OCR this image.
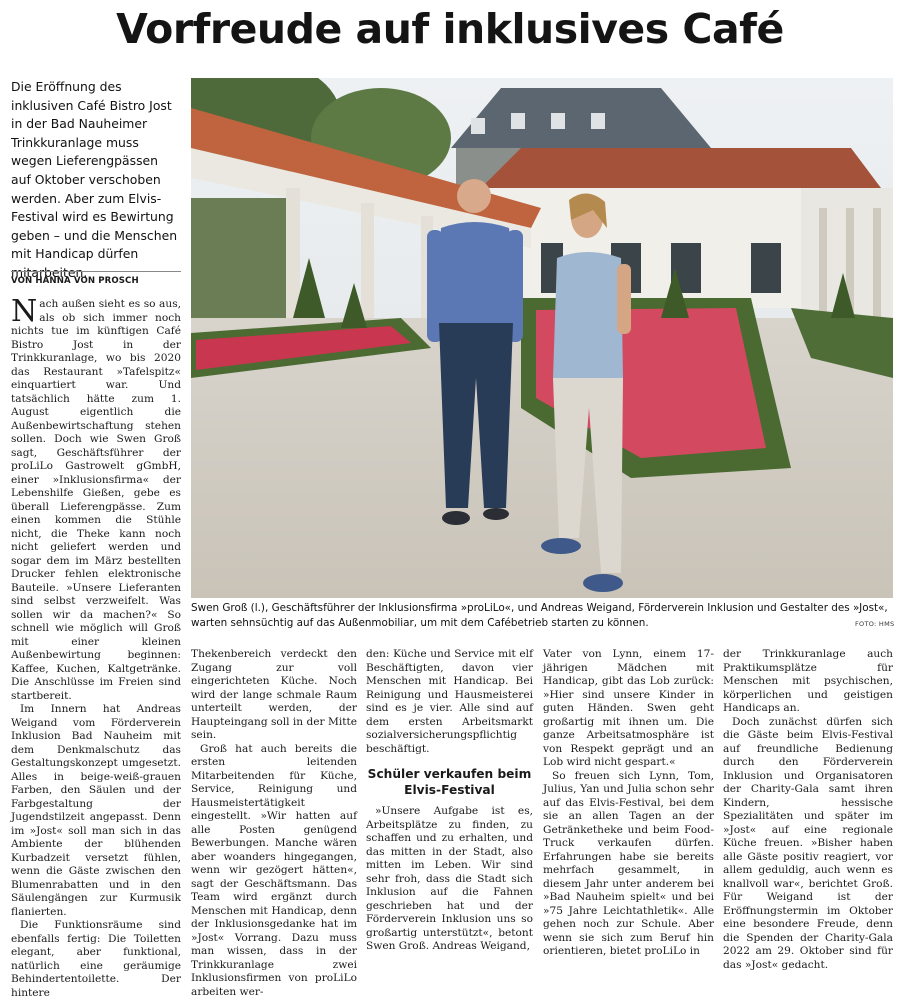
Vorfreude auf inklusives Café
Die Eröffnung des inklusiven Café Bistro Jost in der Bad Nauheimer Trinkkuranlage muss wegen Lieferengpässen auf Oktober verschoben werden. Aber zum Elvis-Festival wird es Bewirtung geben – und die Menschen mit Handicap dürfen mitarbeiten.
VON HANNA VON PROSCH

Nach außen sieht es so aus, als ob sich immer noch nichts tue im künftigen Café Bistro Jost in der Trinkkuranlage, wo bis 2020 das Restaurant »Tafelspitz« einquartiert war. Und tatsächlich hätte zum 1. August eigentlich die Außenbewirtschaftung stehen sollen. Doch wie Swen Groß sagt, Geschäftsführer der proLiLo Gastrowelt gGmbH, einer »Inklusionsfirma« der Lebenshilfe Gießen, gebe es überall Lieferengpässe. Zum einen kommen die Stühle nicht, die Theke kann noch nicht geliefert werden und sogar dem im März bestellten Drucker fehlen elektronische Bauteile. »Unsere Lieferanten sind selbst verzweifelt. Was sollen wir da machen?« So schnell wie möglich will Groß mit einer kleinen Außenbewirtung beginnen: Kaffee, Kuchen, Kaltgetränke. Die Anschlüsse im Freien sind startbereit.

Im Innern hat Andreas Weigand vom Förderverein Inklusion Bad Nauheim mit dem Denkmalschutz das Gestaltungskonzept umgesetzt. Alles in beige-weiß-grauen Farben, den Säulen und der Farbgestaltung der Jugendstilzeit angepasst. Denn im »Jost« soll man sich in das Ambiente der blühenden Kurbadzeit versetzt fühlen, wenn die Gäste zwischen den Blumenrabatten und in den Säulengängen zur Kurmusik flanierten.

Die Funktionsräume sind ebenfalls fertig: Die Toiletten elegant, aber funktional, natürlich eine geräumige Behindertentoilette. Der hintere

Swen Groß (l.), Geschäftsführer der Inklusionsfirma »proLiLo«, und Andreas Weigand, Förderverein Inklusion und Gestalter des »Jost«, warten sehnsüchtig auf das Außenmobiliar, um mit dem Cafébetrieb starten zu können.	FOTO: HMS

Thekenbereich verdeckt den Zugang zur voll eingerichteten Küche. Noch wird der lange schmale Raum unterteilt werden, der Haupteingang soll in der Mitte sein.

Groß hat auch bereits die ersten leitenden Mitarbeitenden für Küche, Service, Reinigung und Hausmeistertätigkeit eingestellt. »Wir hatten auf alle Posten genügend Bewerbungen. Manche wären aber woanders hingegangen, wenn wir gezögert hätten«, sagt der Geschäftsmann. Das Team wird ergänzt durch Menschen mit Handicap, denn der Inklusionsgedanke hat im »Jost« Vorrang. Dazu muss man wissen, dass in der Trinkkuranlage zwei Inklusionsfirmen von proLiLo arbeiten wer-

den: Küche und Service mit elf Beschäftigten, davon vier Menschen mit Handicap. Bei Reinigung und Hausmeisterei sind es je vier. Alle sind auf dem ersten Arbeitsmarkt sozialversicherungspflichtig beschäftigt.

Schüler verkaufen beim Elvis-Festival

»Unsere Aufgabe ist es, Arbeitsplätze zu finden, zu schaffen und zu erhalten, und das mitten in der Stadt, also mitten im Leben. Wir sind sehr froh, dass die Stadt sich Inklusion auf die Fahnen geschrieben hat und der Förderverein Inklusion uns so großartig unterstützt«, betont Swen Groß. Andreas Weigand,

Vater von Lynn, einem 17-jährigen Mädchen mit Handicap, gibt das Lob zurück: »Hier sind unsere Kinder in guten Händen. Swen geht großartig mit ihnen um. Die ganze Arbeitsatmosphäre ist von Respekt geprägt und an Lob wird nicht gespart.«

So freuen sich Lynn, Tom, Julius, Yan und Julia schon sehr auf das Elvis-Festival, bei dem sie an allen Tagen an der Getränketheke und beim Food-Truck verkaufen dürfen. Erfahrungen habe sie bereits mehrfach gesammelt, in diesem Jahr unter anderem bei »Bad Nauheim spielt« und bei »75 Jahre Leichtathletik«. Alle gehen noch zur Schule. Aber wenn sie sich zum Beruf hin orientieren, bietet proLiLo in

der Trinkkuranlage auch Praktikumsplätze für Menschen mit psychischen, körperlichen und geistigen Handicaps an.

Doch zunächst dürfen sich die Gäste beim Elvis-Festival auf freundliche Bedienung durch den Förderverein Inklusion und Organisatoren der Charity-Gala samt ihren Kindern, hessische Spezialitäten und später im »Jost« auf eine regionale Küche freuen. »Bisher haben alle Gäste positiv reagiert, vor allem geduldig, auch wenn es knallvoll war«, berichtet Groß. Für Weigand ist der Eröffnungstermin im Oktober eine besondere Freude, denn die Spenden der Charity-Gala 2022 am 29. Oktober sind für das »Jost« gedacht.
